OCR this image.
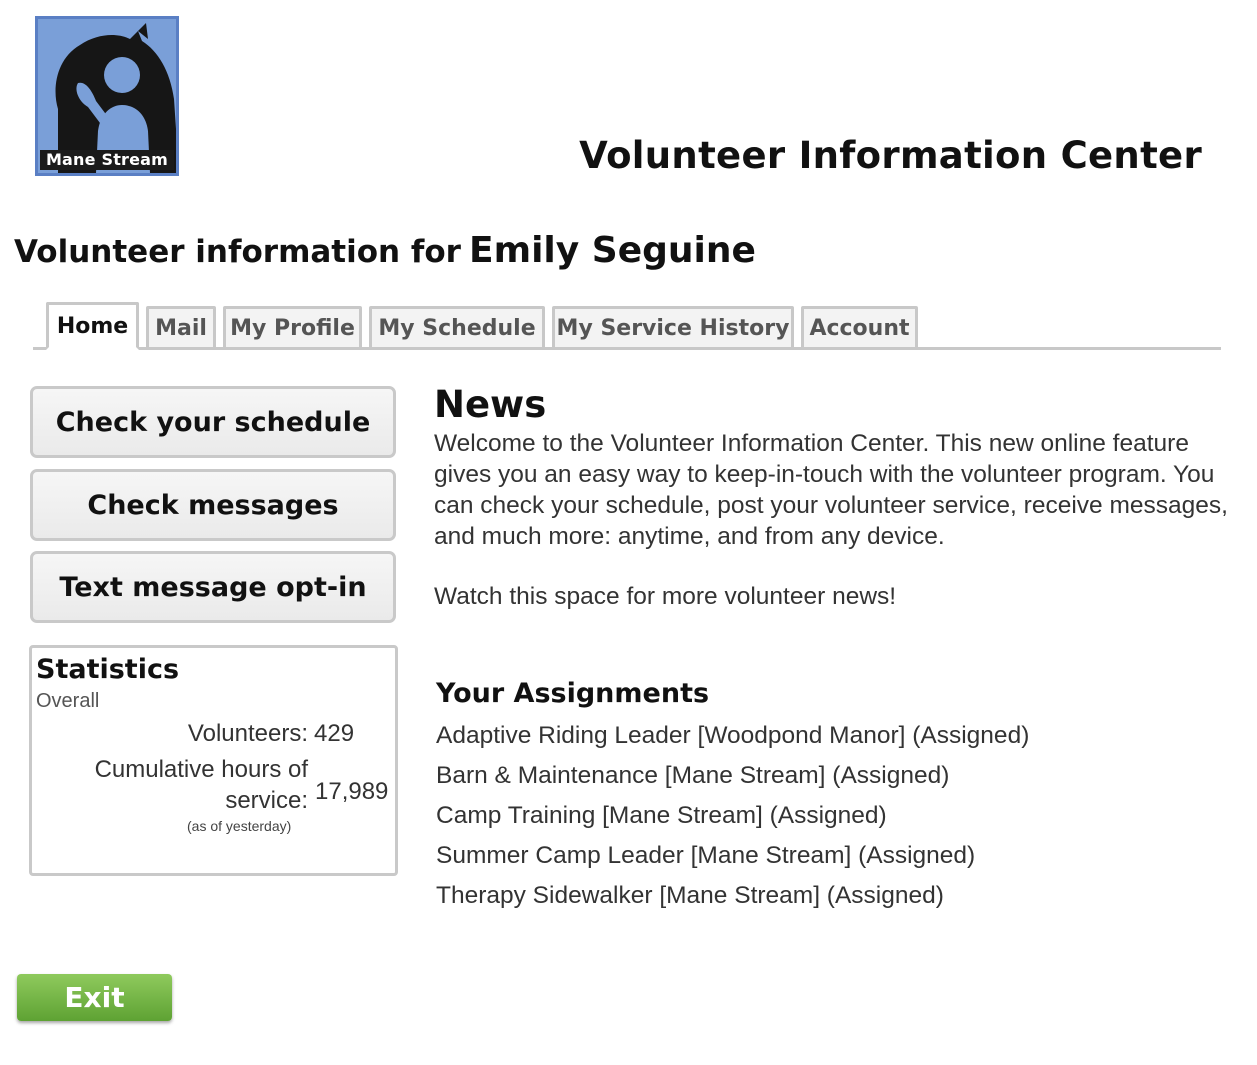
Mane Stream	Volunteer Information Center
Volunteer information for Emily Seguine
Home	Mail	My Profile	My Schedule My Service History Account
Check your schedule
Check messages
Text message opt-in
Statistics
Overall
Volunteers: 429
Cumulative hours of
service: 17,989
(as of yesterday)
News

Welcome to the Volunteer Information Center. This new online feature gives you an easy way to keep-in-touch with the volunteer program. You can check your schedule, post your volunteer service, receive messages, and much more: anytime, and from any device.

Watch this space for more volunteer news!
Your Assignments
Adaptive Riding Leader [Woodpond Manor] (Assigned)
Barn & Maintenance [Mane Stream] (Assigned)
Camp Training [Mane Stream] (Assigned)
Summer Camp Leader [Mane Stream] (Assigned)
Therapy Sidewalker [Mane Stream] (Assigned)
Exit
